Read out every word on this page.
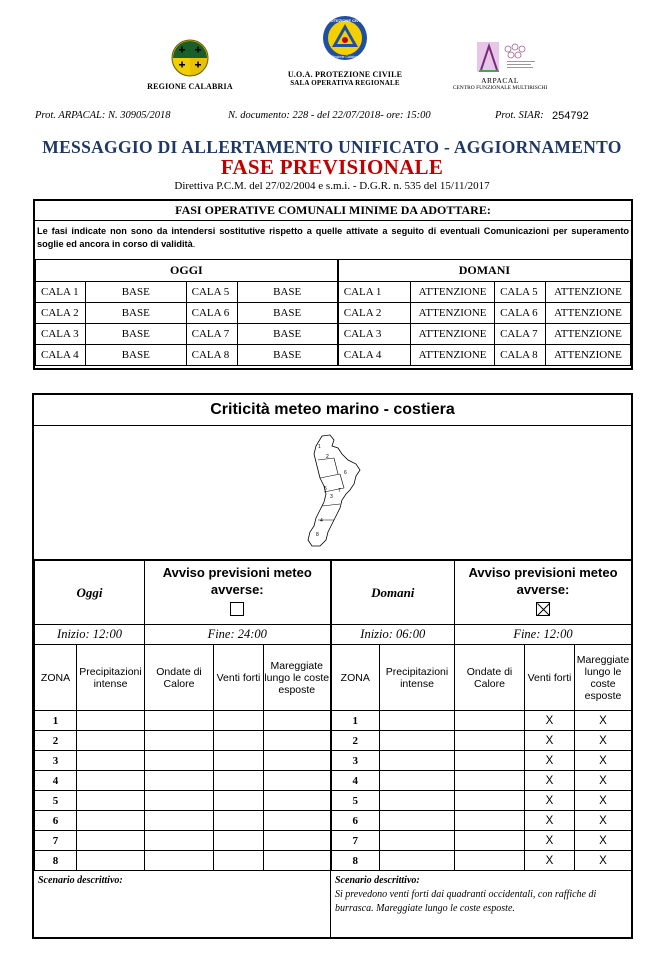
REGIONE CALABRIA
PROTEZIONE CIVILE
Regione Calabria
U.O.A. PROTEZIONE CIVILE
SALA OPERATIVA REGIONALE	ARPACAL
CENTRO FUNZIONALE MULTIRISCHI
Prot. ARPACAL: N. 30905/2018	N. documento: 228 - del 22/07/2018- ore: 15:00	Prot. SIAR: 254792
MESSAGGIO DI ALLERTAMENTO UNIFICATO - AGGIORNAMENTO
FASE PREVISIONALE
Direttiva P.C.M. del 27/02/2004 e s.m.i. - D.G.R. n. 535 del 15/11/2017
FASI OPERATIVE COMUNALI MINIME DA ADOTTARE:
Le fasi indicate non sono da intendersi sostitutive rispetto a quelle attivate a seguito di eventuali Comunicazioni per superamento soglie ed ancora in corso di validità.
OGGI				DOMANI			
CALA 1	BASE	CALA 5	BASE	CALA 1	ATTENZIONE	CALA 5	ATTENZIONE
CALA 2	BASE	CALA 6	BASE	CALA 2	ATTENZIONE	CALA 6	ATTENZIONE
CALA 3	BASE	CALA 7	BASE	CALA 3	ATTENZIONE	CALA 7	ATTENZIONE
CALA 4	BASE	CALA 8	BASE	CALA 4	ATTENZIONE	CALA 8	ATTENZIONE
Criticità meteo marino - costiera
1
2
3
4
5
6
7
8
Oggi		Avviso previsioni meteo avverse:			Domani		Avviso previsioni meteo avverse:		

Inizio: 12:00		Fine: 24:00			Inizio: 06:00		Fine: 12:00		
ZONA	Precipitazioni intense	Ondate di Calore	Venti forti	Mareggiate lungo le coste esposte	ZONA	Precipitazioni intense	Ondate di Calore	Venti forti	Mareggiate lungo le coste esposte
1					1			X	X
2					2			X	X
3					3			X	X
4					4			X	X
5					5			X	X
6					6			X	X
7					7			X	X
8					8			X	X
Scenario descrittivo:	Scenario descrittivo:
Si prevedono venti forti dai quadranti occidentali, con raffiche di burrasca. Mareggiate lungo le coste esposte.
